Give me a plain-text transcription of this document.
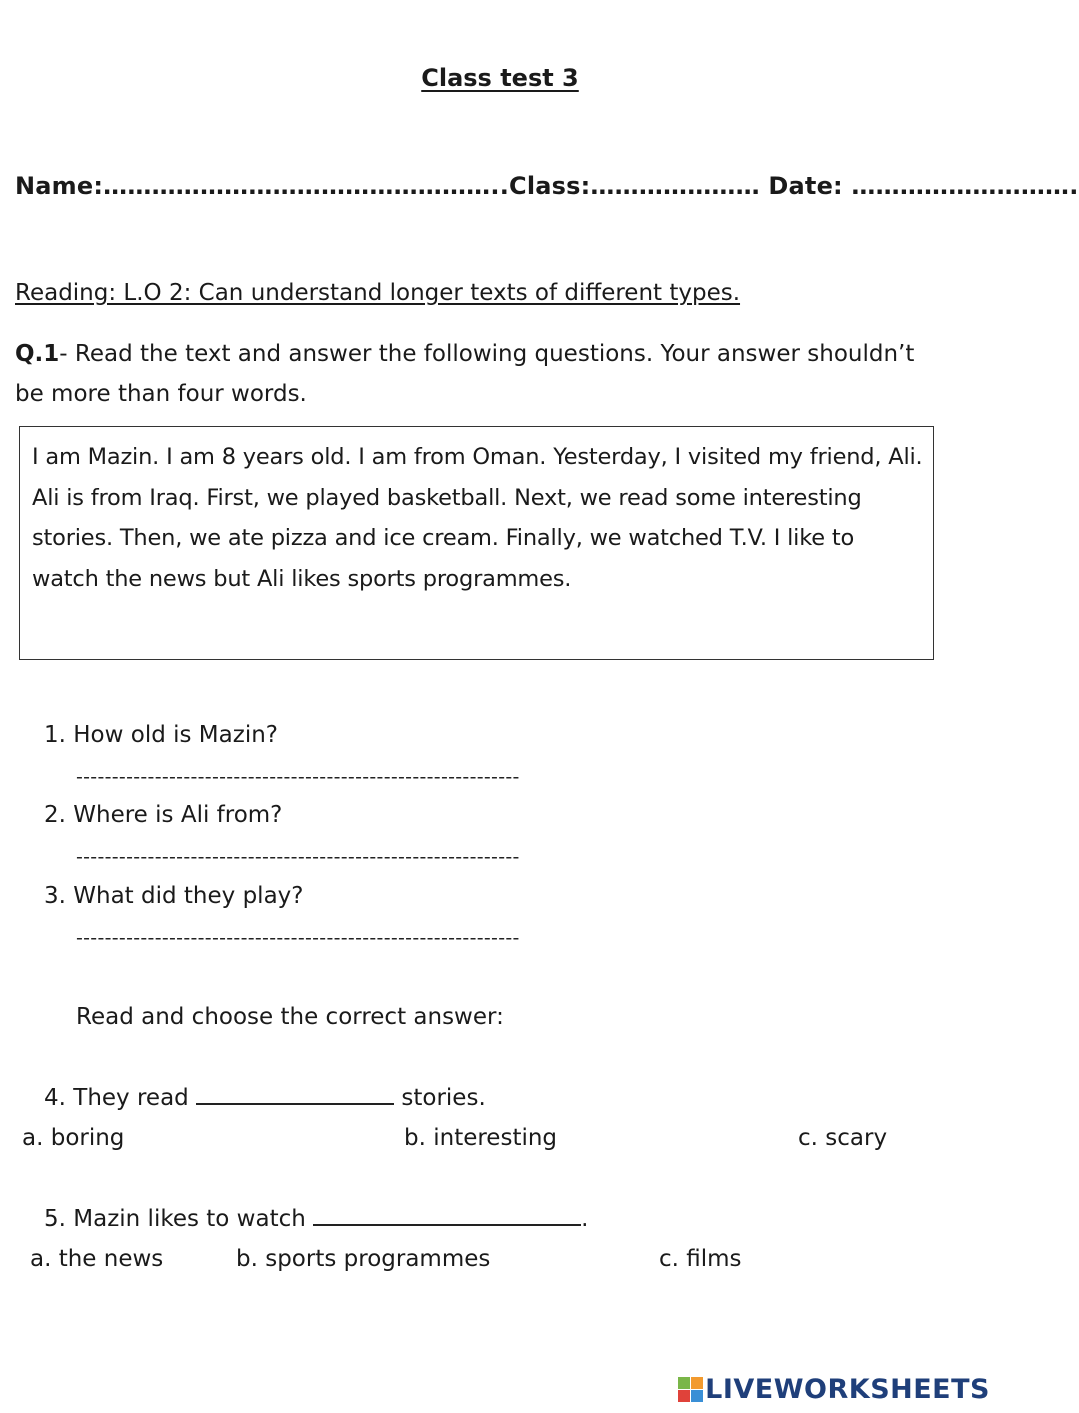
Class test 3
Name:…………………………………………..Class:………………… Date: ……………………….
Reading: L.O 2: Can understand longer texts of different types.
Q.1- Read the text and answer the following questions. Your answer shouldn’t be more than four words.
I am Mazin. I am 8 years old. I am from Oman. Yesterday, I visited my friend, Ali. Ali is from Iraq. First, we played basketball. Next, we read some interesting stories. Then, we ate pizza and ice cream. Finally, we watched T.V. I like to watch the news but Ali likes sports programmes.
1. How old is Mazin?
--------------------------------------------------------------
2. Where is Ali from?
--------------------------------------------------------------
3. What did they play?
--------------------------------------------------------------
Read and choose the correct answer:
4. They read	stories.
a. boring	b. interesting	c. scary
5. Mazin likes to watch	.
a. the news	b. sports programmes	c. films
LIVEWORKSHEETS
